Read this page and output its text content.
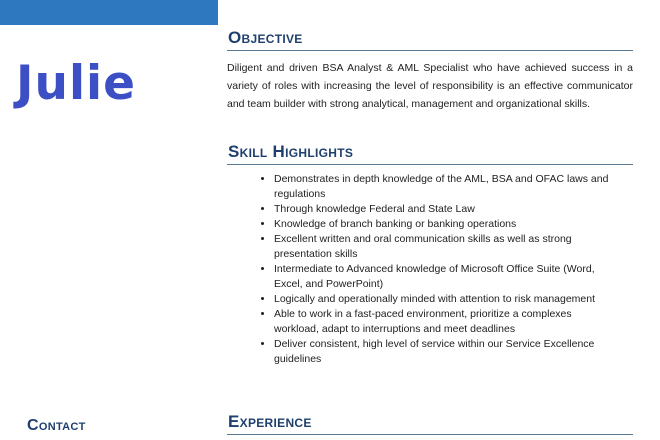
Julie
Objective

Diligent and driven BSA Analyst & AML Specialist who have achieved success in a variety of roles with increasing the level of responsibility is an effective communicator and team builder with strong analytical, management and organizational skills.

Skill Highlights
• Demonstrates in depth knowledge of the AML, BSA and OFAC laws and regulations
• Through knowledge Federal and State Law
• Knowledge of branch banking or banking operations
• Excellent written and oral communication skills as well as strong presentation skills
• Intermediate to Advanced knowledge of Microsoft Office Suite (Word, Excel, and PowerPoint)
• Logically and operationally minded with attention to risk management
• Able to work in a fast-paced environment, prioritize a complexes workload, adapt to interruptions and meet deadlines
• Deliver consistent, high level of service within our Service Excellence guidelines
Contact	Experience
